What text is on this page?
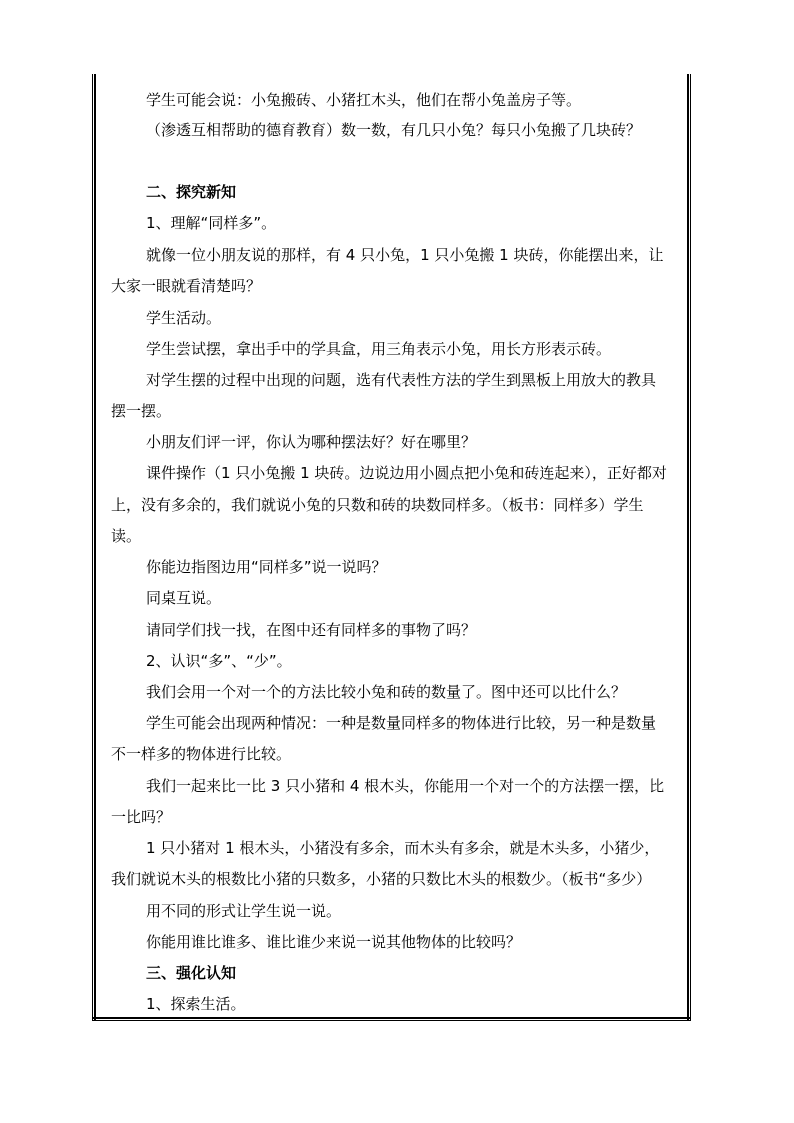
学生可能会说：小兔搬砖、小猪扛木头，他们在帮小兔盖房子等。
（渗透互相帮助的德育教育）数一数，有几只小兔？每只小兔搬了几块砖？
二、探究新知
1、理解“同样多”。
就像一位小朋友说的那样，有 4 只小兔，1 只小兔搬 1 块砖，你能摆出来，让
大家一眼就看清楚吗？
学生活动。
学生尝试摆，拿出手中的学具盒，用三角表示小兔，用长方形表示砖。
对学生摆的过程中出现的问题，选有代表性方法的学生到黑板上用放大的教具
摆一摆。
小朋友们评一评，你认为哪种摆法好？好在哪里？
课件操作（1 只小兔搬 1 块砖。边说边用小圆点把小兔和砖连起来），正好都对
上，没有多余的，我们就说小兔的只数和砖的块数同样多。（板书：同样多）学生
读。
你能边指图边用“同样多”说一说吗？
同桌互说。
请同学们找一找，在图中还有同样多的事物了吗？
2、认识“多”、“少”。
我们会用一个对一个的方法比较小兔和砖的数量了。图中还可以比什么？
学生可能会出现两种情况：一种是数量同样多的物体进行比较，另一种是数量
不一样多的物体进行比较。
我们一起来比一比 3 只小猪和 4 根木头，你能用一个对一个的方法摆一摆，比
一比吗？
1 只小猪对 1 根木头，小猪没有多余，而木头有多余，就是木头多，小猪少，
我们就说木头的根数比小猪的只数多，小猪的只数比木头的根数少。（板书“多少）
用不同的形式让学生说一说。
你能用谁比谁多、谁比谁少来说一说其他物体的比较吗？
三、强化认知
1、探索生活。
